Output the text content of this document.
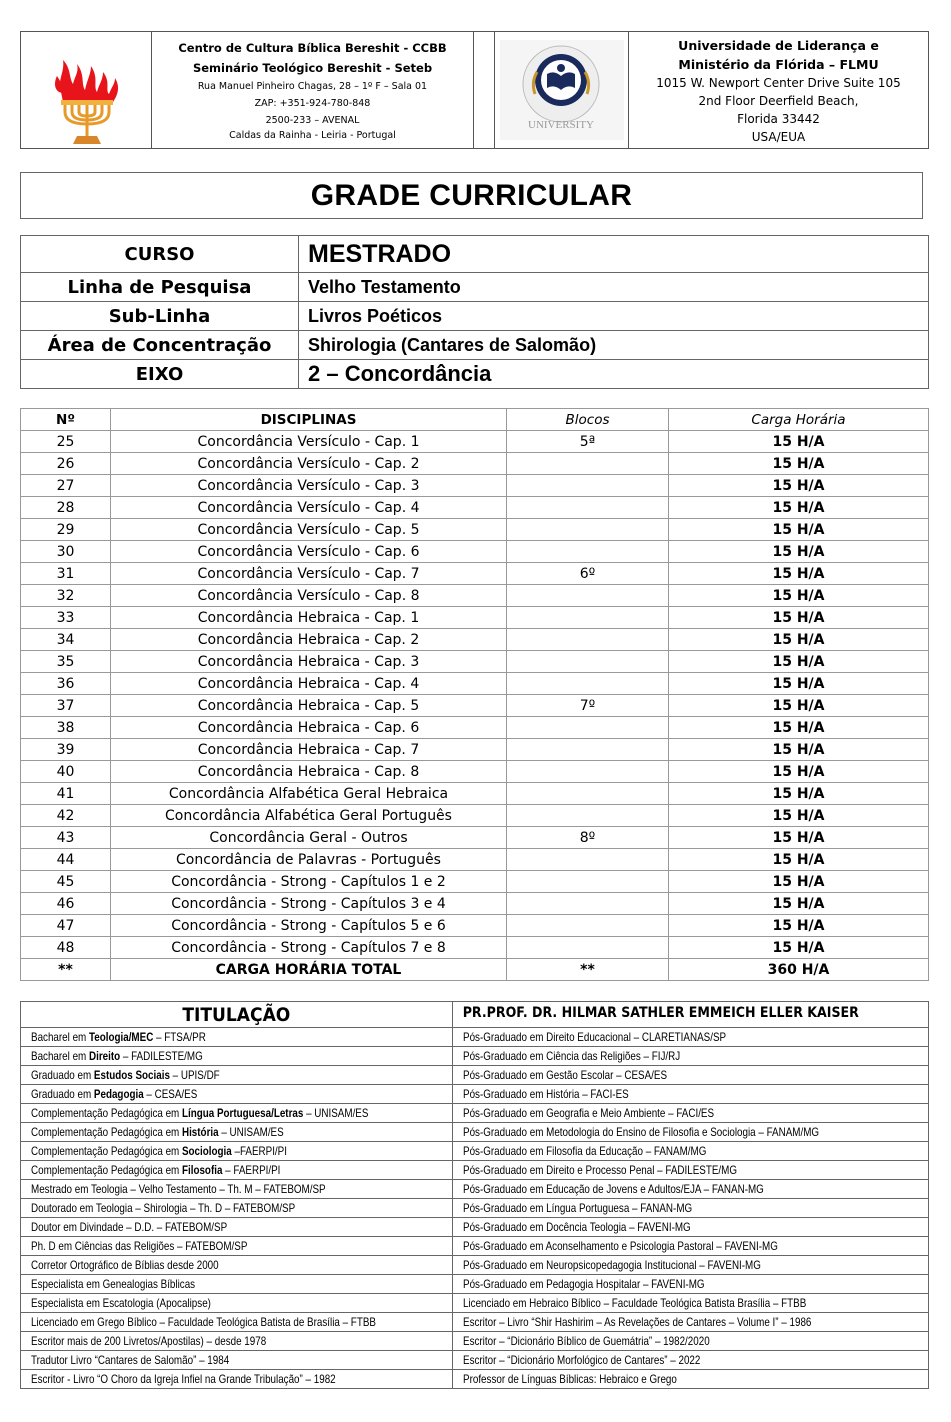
Centro de Cultura Bíblica Bereshit - CCBB
Seminário Teológico Bereshit - Seteb
Rua Manuel Pinheiro Chagas, 28 – 1º F – Sala 01
ZAP: +351-924-780-848
2500-233 – AVENAL
Caldas da Rainha - Leiria - Portugal
UNIVERSITY
Universidade de Liderança e
Ministério da Flórida – FLMU
1015 W. Newport Center Drive Suite 105
2nd Floor Deerfield Beach,
Florida 33442
USA/EUA
GRADE CURRICULAR
CURSO	MESTRADO
Linha de Pesquisa	Velho Testamento
Sub-Linha	Livros Poéticos
Área de Concentração	Shirologia (Cantares de Salomão)
EIXO	2 – Concordância
Nº	DISCIPLINAS	Blocos	Carga Horária
25	Concordância Versículo - Cap. 1	5ª	15 H/A
26	Concordância Versículo - Cap. 2		15 H/A
27	Concordância Versículo - Cap. 3		15 H/A
28	Concordância Versículo - Cap. 4		15 H/A
29	Concordância Versículo - Cap. 5		15 H/A
30	Concordância Versículo - Cap. 6		15 H/A
31	Concordância Versículo - Cap. 7	6º	15 H/A
32	Concordância Versículo - Cap. 8		15 H/A
33	Concordância Hebraica - Cap. 1		15 H/A
34	Concordância Hebraica - Cap. 2		15 H/A
35	Concordância Hebraica - Cap. 3		15 H/A
36	Concordância Hebraica - Cap. 4		15 H/A
37	Concordância Hebraica - Cap. 5	7º	15 H/A
38	Concordância Hebraica - Cap. 6		15 H/A
39	Concordância Hebraica - Cap. 7		15 H/A
40	Concordância Hebraica - Cap. 8		15 H/A
41	Concordância Alfabética Geral Hebraica		15 H/A
42	Concordância Alfabética Geral Português		15 H/A
43	Concordância Geral - Outros	8º	15 H/A
44	Concordância de Palavras - Português		15 H/A
45	Concordância - Strong - Capítulos 1 e 2		15 H/A
46	Concordância - Strong - Capítulos 3 e 4		15 H/A
47	Concordância - Strong - Capítulos 5 e 6		15 H/A
48	Concordância - Strong - Capítulos 7 e 8		15 H/A
**	CARGA HORÁRIA TOTAL	**	360 H/A
TITULAÇÃO	PR.PROF. DR. HILMAR SATHLER EMMEICH ELLER KAISER
Bacharel em Teologia/MEC – FTSA/PR	Pós-Graduado em Direito Educacional – CLARETIANAS/SP
Bacharel em Direito – FADILESTE/MG	Pós-Graduado em Ciência das Religiões – FIJ/RJ
Graduado em Estudos Sociais – UPIS/DF	Pós-Graduado em Gestão Escolar – CESA/ES
Graduado em Pedagogia – CESA/ES	Pós-Graduado em História – FACI-ES
Complementação Pedagógica em Língua Portuguesa/Letras – UNISAM/ES	Pós-Graduado em Geografia e Meio Ambiente – FACI/ES
Complementação Pedagógica em História – UNISAM/ES	Pós-Graduado em Metodologia do Ensino de Filosofia e Sociologia – FANAM/MG
Complementação Pedagógica em Sociologia –FAERPI/PI	Pós-Graduado em Filosofia da Educação – FANAM/MG
Complementação Pedagógica em Filosofia – FAERPI/PI	Pós-Graduado em Direito e Processo Penal – FADILESTE/MG
Mestrado em Teologia – Velho Testamento – Th. M – FATEBOM/SP	Pós-Graduado em Educação de Jovens e Adultos/EJA – FANAN-MG
Doutorado em Teologia – Shirologia – Th. D – FATEBOM/SP	Pós-Graduado em Língua Portuguesa – FANAN-MG
Doutor em Divindade – D.D. – FATEBOM/SP	Pós-Graduado em Docência Teologia – FAVENI-MG
Ph. D em Ciências das Religiões – FATEBOM/SP	Pós-Graduado em Aconselhamento e Psicologia Pastoral – FAVENI-MG
Corretor Ortográfico de Bíblias desde 2000	Pós-Graduado em Neuropsicopedagogia Institucional – FAVENI-MG
Especialista em Genealogias Bíblicas	Pós-Graduado em Pedagogia Hospitalar – FAVENI-MG
Especialista em Escatologia (Apocalipse)	Licenciado em Hebraico Bíblico – Faculdade Teológica Batista Brasília – FTBB
Licenciado em Grego Bíblico – Faculdade Teológica Batista de Brasília – FTBB	Escritor – Livro “Shir Hashirim – As Revelações de Cantares – Volume I” – 1986
Escritor mais de 200 Livretos/Apostilas) – desde 1978	Escritor – “Dicionário Bíblico de Guemátria” – 1982/2020
Tradutor Livro “Cantares de Salomão” – 1984	Escritor – “Dicionário Morfológico de Cantares” – 2022
Escritor - Livro “O Choro da Igreja Infiel na Grande Tribulação” – 1982	Professor de Línguas Bíblicas: Hebraico e Grego
